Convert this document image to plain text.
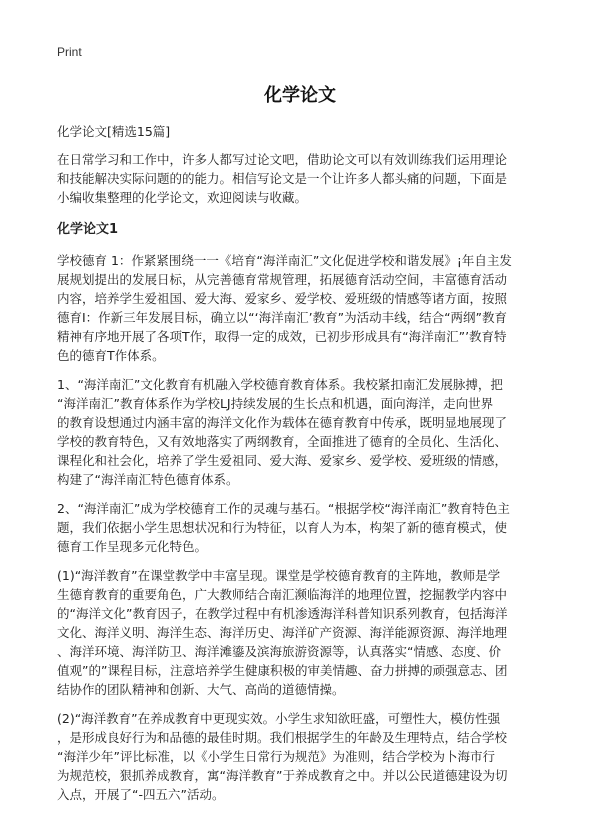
Print
化学论文
化学论文[精选15篇]

在日常学习和工作中，许多人都写过论文吧，借助论文可以有效训练我们运用理论
和技能解决实际问题的的能力。相信写论文是一个让许多人都头痛的问题，下面是
小编收集整理的化学论文，欢迎阅读与收藏。

化学论文1

学校德育 1：作紧紧围绕一一《培育“海洋南汇”文化促进学校和谐发展》¡年自主发
展规划提出的发展日标，从完善德育常规管理，拓展德育活动空间，丰富德育活动
内容，培养学生爱祖国、爱大海、爱家乡、爱学校、爱班级的情感等诸方面，按照
德育I：作新三年发展目标，确立以“‘海洋南汇’教育”为活动丰线，结合“两纲”教育
精神有序地开展了各项T作，取得一定的成效，已初步形成具有“海洋南汇”’教育特
色的德育T作体系。

1、“海洋南汇”文化教育有机融入学校德育教育体系。我校紧扣南汇发展脉搏，把
“海洋南汇”教育体系作为学校LJ持续发展的生长点和机遇，面向海洋，走向世界
的教育设想通过内涵丰富的海洋文化作为载体在德育教育中传承，既明显地展现了
学校的教育特色，又有效地落实了两纲教育，全面推进了德育的全员化、生活化、
课程化和社会化，培养了学生爱祖同、爱大海、爱家乡、爱学校、爱班级的情感，
构建了“海洋南汇特色德育体系。

2、“海洋南汇”成为学校德育工作的灵魂与基石。“根据学校“海洋南汇”教育特色主
题，我们依据小学生思想状况和行为特征，以育人为本，构架了新的德育模式，使
德育工作呈现多元化特色。

(1)“海洋教育”在课堂教学中丰富呈现。课堂是学校德育教育的主阵地，教师是学
生德育教育的重要角色，广大教师结合南汇濒临海洋的地理位置，挖掘教学内容中
的“海洋文化”教育因子，在教学过程中有机渗透海洋科普知识系列教育，包括海洋
文化、海洋义明、海洋生态、海洋历史、海洋矿产资源、海洋能源资源、海洋地理
、海洋环境、海洋防卫、海洋滩鎏及滨海旅游资源等，认真落实“情感、态度、价
值观”的”课程目标，注意培养学生健康积极的审美情趣、奋力拼搏的顽强意志、团
结协作的团队精神和创新、大气、高尚的道德情操。

(2)“海洋教育”在养成教育中更现实效。小学生求知欲旺盛，可塑性大，模仿性强
，是形成良好行为和品德的最佳时期。我们根据学生的年龄及生理特点，结合学校
“海洋少年”评比标准，以《小学生日常行为规范》为准则，结合学校为卜海市行
为规范校，狠抓养成教育，寓“海洋教育”于养成教育之中。并以公民道德建设为切
入点，开展了“-四五六”活动。
